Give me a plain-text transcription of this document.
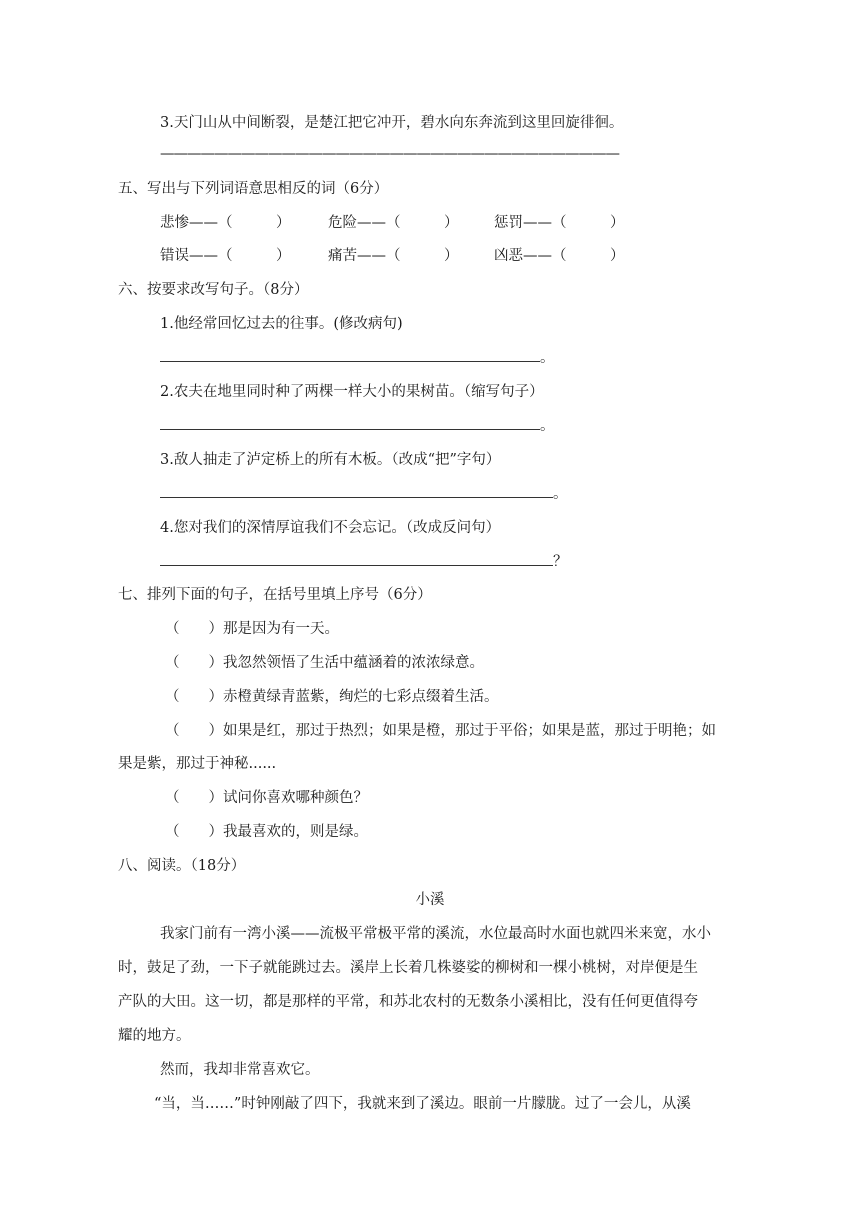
3.天门山从中间断裂，是楚江把它冲开，碧水向东奔流到这里回旋徘徊。
——————————————————————————————————
五、写出与下列词语意思相反的词（6分）
悲惨——（　　　）	危险——（　　　） 惩罚——（　　　）
错误——（　　　）	痛苦——（　　　） 凶恶——（　　　）
六、按要求改写句子。（8分）
1.他经常回忆过去的往事。(修改病句)
。
2.农夫在地里同时种了两棵一样大小的果树苗。（缩写句子）
。
3.敌人抽走了泸定桥上的所有木板。（改成“把”字句）
。
4.您对我们的深情厚谊我们不会忘记。（改成反问句）
？
七、排列下面的句子，在括号里填上序号（6分）
（　　）那是因为有一天。
（　　）我忽然领悟了生活中蕴涵着的浓浓绿意。
（　　）赤橙黄绿青蓝紫，绚烂的七彩点缀着生活。
（　　）如果是红，那过于热烈；如果是橙，那过于平俗；如果是蓝，那过于明艳；如
果是紫，那过于神秘......
（　　）试问你喜欢哪种颜色？
（　　）我最喜欢的，则是绿。
八、阅读。（18分）
小溪
我家门前有一湾小溪——流极平常极平常的溪流，水位最高时水面也就四米来宽，水小
时，鼓足了劲，一下子就能跳过去。溪岸上长着几株婆娑的柳树和一棵小桃树，对岸便是生
产队的大田。这一切，都是那样的平常，和苏北农村的无数条小溪相比，没有任何更值得夸
耀的地方。
然而，我却非常喜欢它。
“当，当……”时钟刚敲了四下，我就来到了溪边。眼前一片朦胧。过了一会儿，从溪
